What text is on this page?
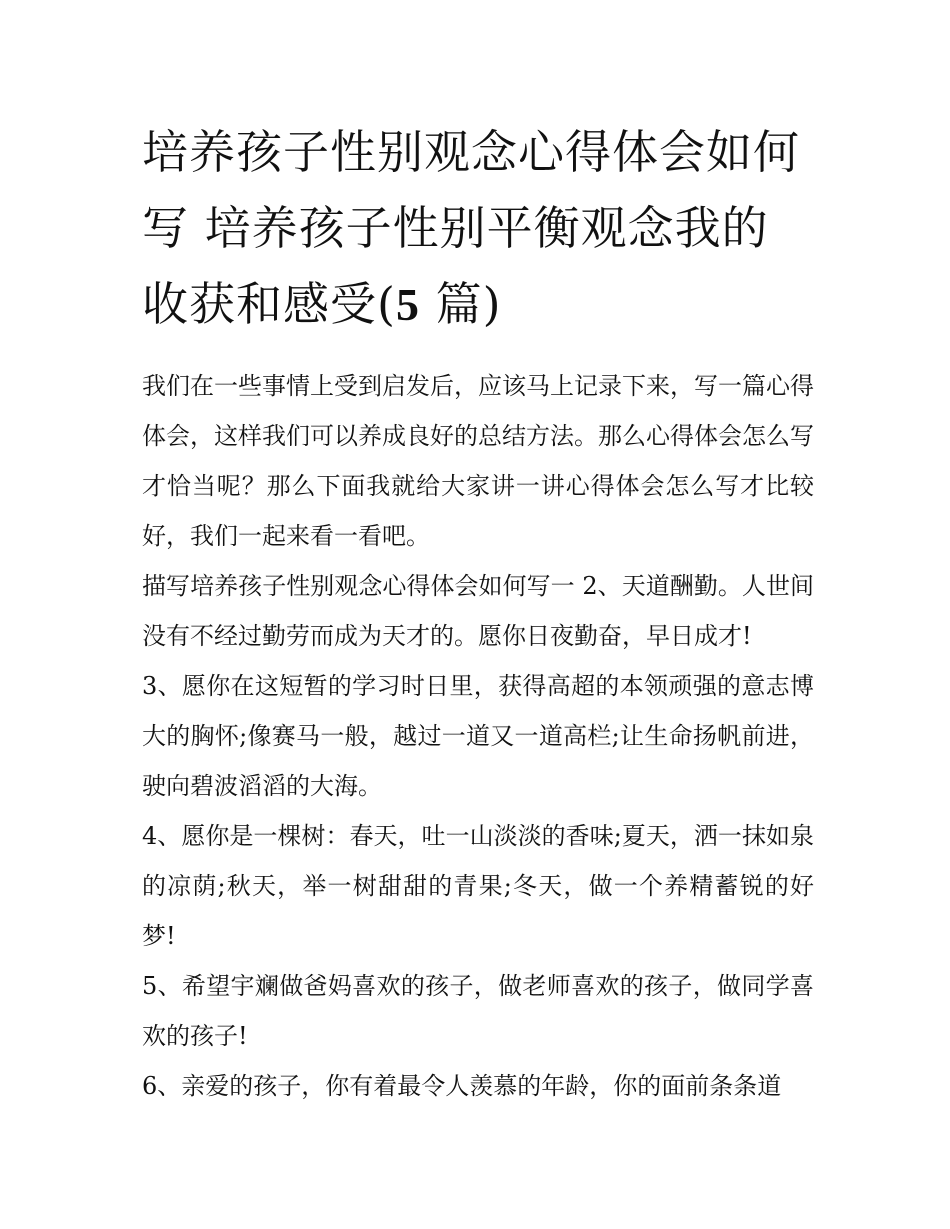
培养孩子性别观念心得体会如何写 培养孩子性别平衡观念我的收获和感受(5 篇)

我们在一些事情上受到启发后，应该马上记录下来，写一篇心得体会，这样我们可以养成良好的总结方法。那么心得体会怎么写才恰当呢？那么下面我就给大家讲一讲心得体会怎么写才比较好，我们一起来看一看吧。

描写培养孩子性别观念心得体会如何写一 2、天道酬勤。人世间没有不经过勤劳而成为天才的。愿你日夜勤奋，早日成才!

3、愿你在这短暂的学习时日里，获得高超的本领顽强的意志博大的胸怀;像赛马一般，越过一道又一道高栏;让生命扬帆前进，驶向碧波滔滔的大海。

4、愿你是一棵树：春天，吐一山淡淡的香味;夏天，洒一抹如泉的凉荫;秋天，举一树甜甜的青果;冬天，做一个养精蓄锐的好梦!

5、希望宇斓做爸妈喜欢的孩子，做老师喜欢的孩子，做同学喜欢的孩子!

6、亲爱的孩子，你有着最令人羡慕的年龄，你的面前条条道
